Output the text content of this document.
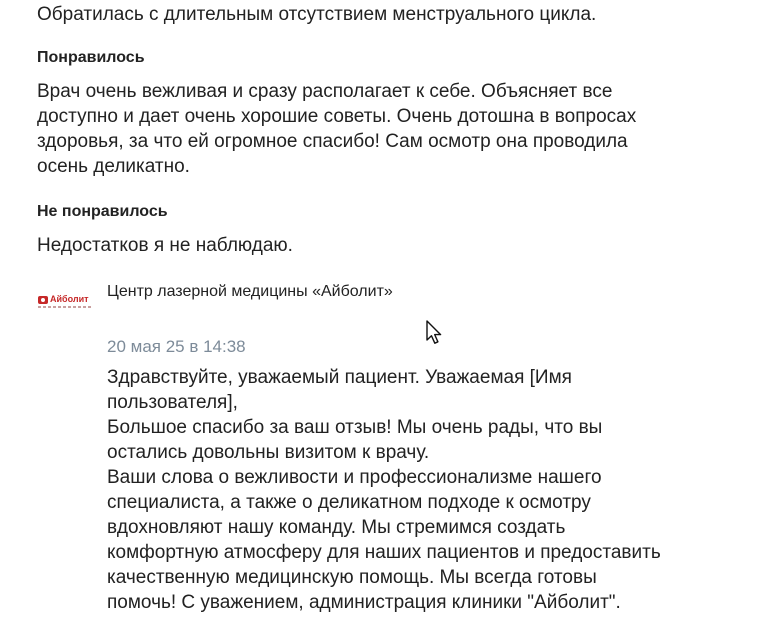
Обратилась с длительным отсутствием менструального цикла.
Понравилось
Врач очень вежливая и сразу располагает к себе. Объясняет все
доступно и дает очень хорошие советы. Очень дотошна в вопросах
здоровья, за что ей огромное спасибо! Сам осмотр она проводила
осень деликатно.
Не понравилось
Недостатков я не наблюдаю.
Айболит Центр лазерной медицины «Айболит»
20 мая 25 в 14:38
Здравствуйте, уважаемый пациент. Уважаемая [Имя
пользователя],
Большое спасибо за ваш отзыв! Мы очень рады, что вы
остались довольны визитом к врачу.
Ваши слова о вежливости и профессионализме нашего
специалиста, а также о деликатном подходе к осмотру
вдохновляют нашу команду. Мы стремимся создать
комфортную атмосферу для наших пациентов и предоставить
качественную медицинскую помощь. Мы всегда готовы
помочь! С уважением, администрация клиники "Айболит".
